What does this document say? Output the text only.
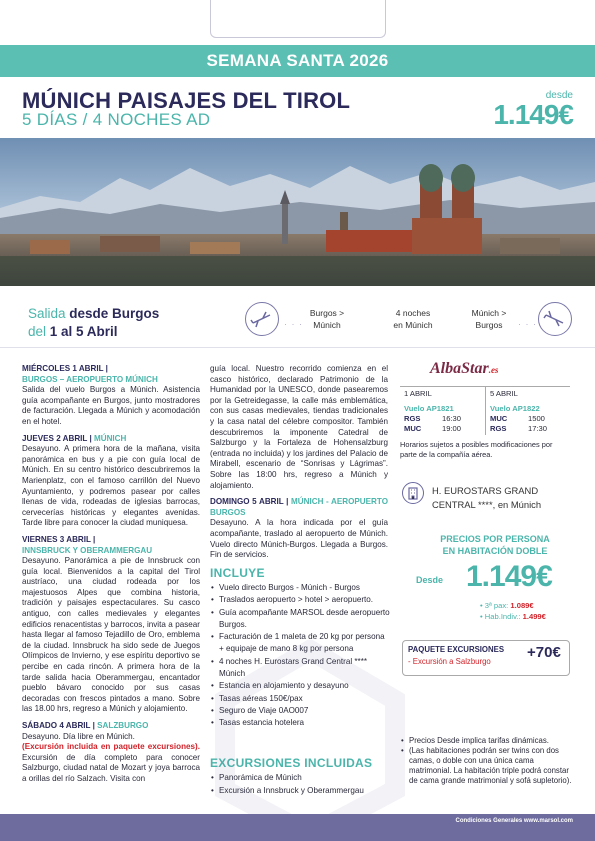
SEMANA SANTA 2026
MÚNICH PAISAJES DEL TIROL
5 DÍAS / 4 NOCHES AD
desde
1.149€
Salida desde Burgos
del 1 al 5 Abril	· · ·
Burgos >
Múnich
4 noches
en Múnich
Múnich >
Burgos	· · ·
MIÉRCOLES 1 ABRIL |
BURGOS – AEROPUERTO MÚNICH
Salida del vuelo Burgos a Múnich. Asistencia guía acompañante en Burgos, junto mostradores de facturación. Llegada a Múnich y acomodación en el hotel.
JUEVES 2 ABRIL | MÚNICH
Desayuno. A primera hora de la mañana, visita panorámica en bus y a pie con guía local de Múnich. En su centro histórico descubriremos la Marienplatz, con el famoso carrillón del Nuevo Ayuntamiento, y podremos pasear por calles llenas de vida, rodeadas de iglesias barrocas, cervecerías históricas y elegantes avenidas. Tarde libre para conocer la ciudad muniquesa.
VIERNES 3 ABRIL |
INNSBRUCK Y OBERAMMERGAU
Desayuno. Panorámica a pie de Innsbruck con guía local. Bienvenidos a la capital del Tirol austríaco, una ciudad rodeada por los majestuosos Alpes que combina historia, tradición y paisajes espectaculares. Su casco antiguo, con calles medievales y elegantes edificios renacentistas y barrocos, invita a pasear hasta llegar al famoso Tejadillo de Oro, emblema de la ciudad. Innsbruck ha sido sede de Juegos Olímpicos de Invierno, y ese espíritu deportivo se percibe en cada rincón. A primera hora de la tarde salida hacia Oberammergau, encantador pueblo bávaro conocido por sus casas decoradas con frescos pintados a mano. Sobre las 18.00 hrs, regreso a Múnich y alojamiento.
SÁBADO 4 ABRIL | SALZBURGO
Desayuno. Día libre en Múnich.
(Excursión incluida en paquete excursiones). Excursión de día completo para conocer Salzburgo, ciudad natal de Mozart y joya barroca a orillas del río Salzach. Visita con
guía local. Nuestro recorrido comienza en el casco histórico, declarado Patrimonio de la Humanidad por la UNESCO, donde pasearemos por la Getreidegasse, la calle más emblemática, con sus casas medievales, tiendas tradicionales y la casa natal del célebre compositor. También descubriremos la imponente Catedral de Salzburgo y la Fortaleza de Hohensalzburg (entrada no incluida) y los jardines del Palacio de Mirabell, escenario de “Sonrisas y Lágrimas”. Sobre las 18:00 hrs, regreso a Múnich y alojamiento.
DOMINGO 5 ABRIL | MÚNICH - AEROPUERTO BURGOS
Desayuno. A la hora indicada por el guía acompañante, traslado al aeropuerto de Múnich. Vuelo directo Múnich-Burgos. Llegada a Burgos. Fin de servicios.
INCLUYE
• Vuelo directo Burgos - Múnich - Burgos
• Traslados aeropuerto > hotel > aeropuerto.
• Guía acompañante MARSOL desde aeropuerto Burgos.
• Facturación de 1 maleta de 20 kg por persona + equipaje de mano 8 kg por persona
• 4 noches H. Eurostars Grand Central **** Múnich
• Estancia en alojamiento y desayuno
• Tasas aéreas 150€/pax
• Seguro de Viaje 0AO007
• Tasas estancia hotelera
EXCURSIONES INCLUIDAS
• Panorámica de Múnich
• Excursión a Innsbruck y Oberammergau
AlbaStar.es
1 ABRIL
Vuelo AP1821
RGS	16:30
MUC	19:00
5 ABRIL
Vuelo AP1822
MUC	1500
RGS	17:30
Horarios sujetos a posibles modificaciones por parte de la compañía aérea.
H. EUROSTARS GRAND
CENTRAL ****, en Múnich
PRECIOS POR PERSONA
EN HABITACIÓN DOBLE
Desde 1.149€
• 3ª pax: 1.089€
• Hab.Indiv.: 1.499€
PAQUETE EXCURSIONES
- Excursión a Salzburgo
+70€
• Precios Desde implica tarifas dinámicas.
• (Las habitaciones podrán ser twins con dos camas, o doble con una única cama matrimonial. La habitación triple podrá constar de cama grande matrimonial y sofá supletorio).
Condiciones Generales www.marsol.com
